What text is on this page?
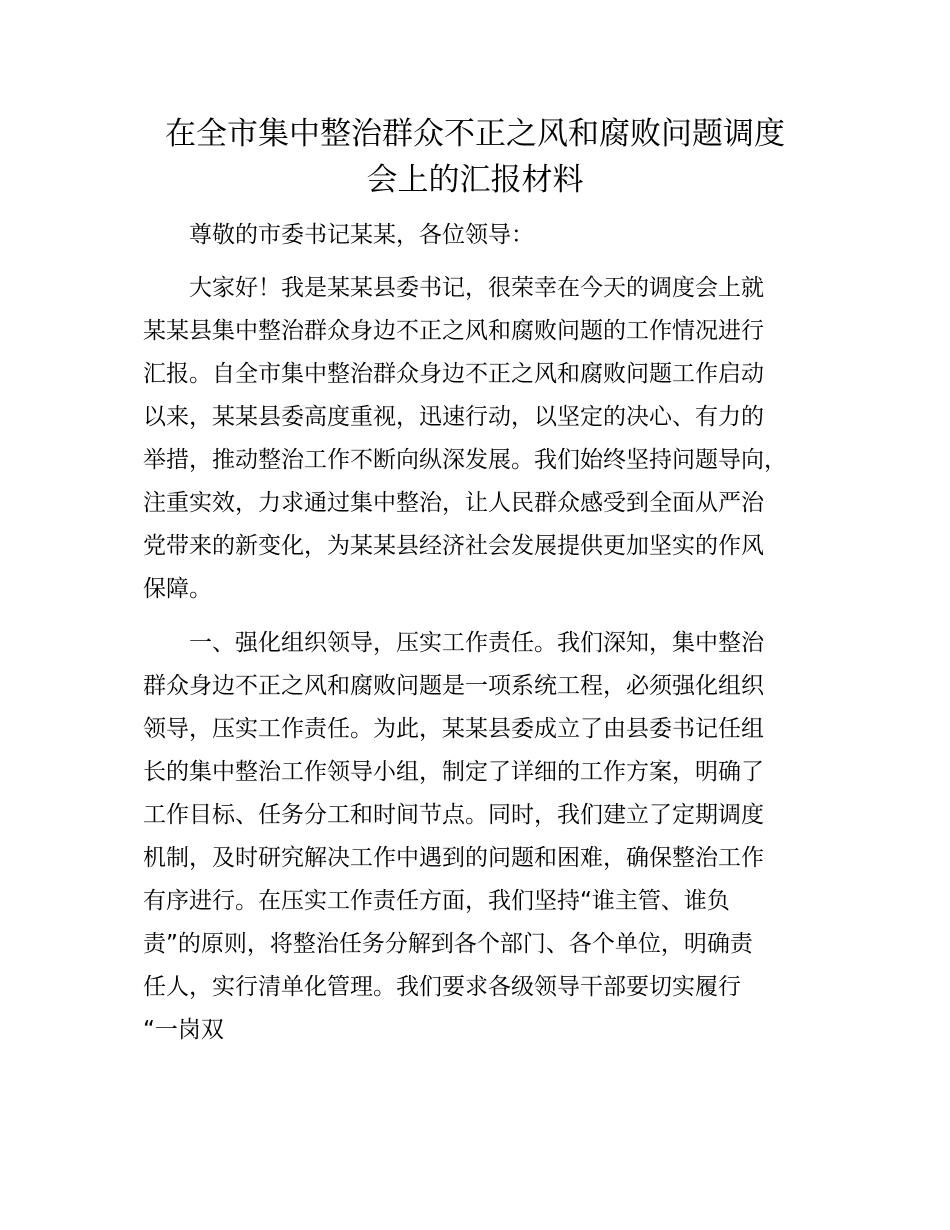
在全市集中整治群众不正之风和腐败问题调度
会上的汇报材料
　　尊敬的市委书记某某，各位领导：
　　大家好！我是某某县委书记，很荣幸在今天的调度会上就
某某县集中整治群众身边不正之风和腐败问题的工作情况进行
汇报。自全市集中整治群众身边不正之风和腐败问题工作启动
以来，某某县委高度重视，迅速行动，以坚定的决心、有力的
举措，推动整治工作不断向纵深发展。我们始终坚持问题导向，
注重实效，力求通过集中整治，让人民群众感受到全面从严治
党带来的新变化，为某某县经济社会发展提供更加坚实的作风
保障。
　　一、强化组织领导，压实工作责任。我们深知，集中整治
群众身边不正之风和腐败问题是一项系统工程，必须强化组织
领导，压实工作责任。为此，某某县委成立了由县委书记任组
长的集中整治工作领导小组，制定了详细的工作方案，明确了
工作目标、任务分工和时间节点。同时，我们建立了定期调度
机制，及时研究解决工作中遇到的问题和困难，确保整治工作
有序进行。在压实工作责任方面，我们坚持“谁主管、谁负
责”的原则，将整治任务分解到各个部门、各个单位，明确责
任人，实行清单化管理。我们要求各级领导干部要切实履行
“一岗双
